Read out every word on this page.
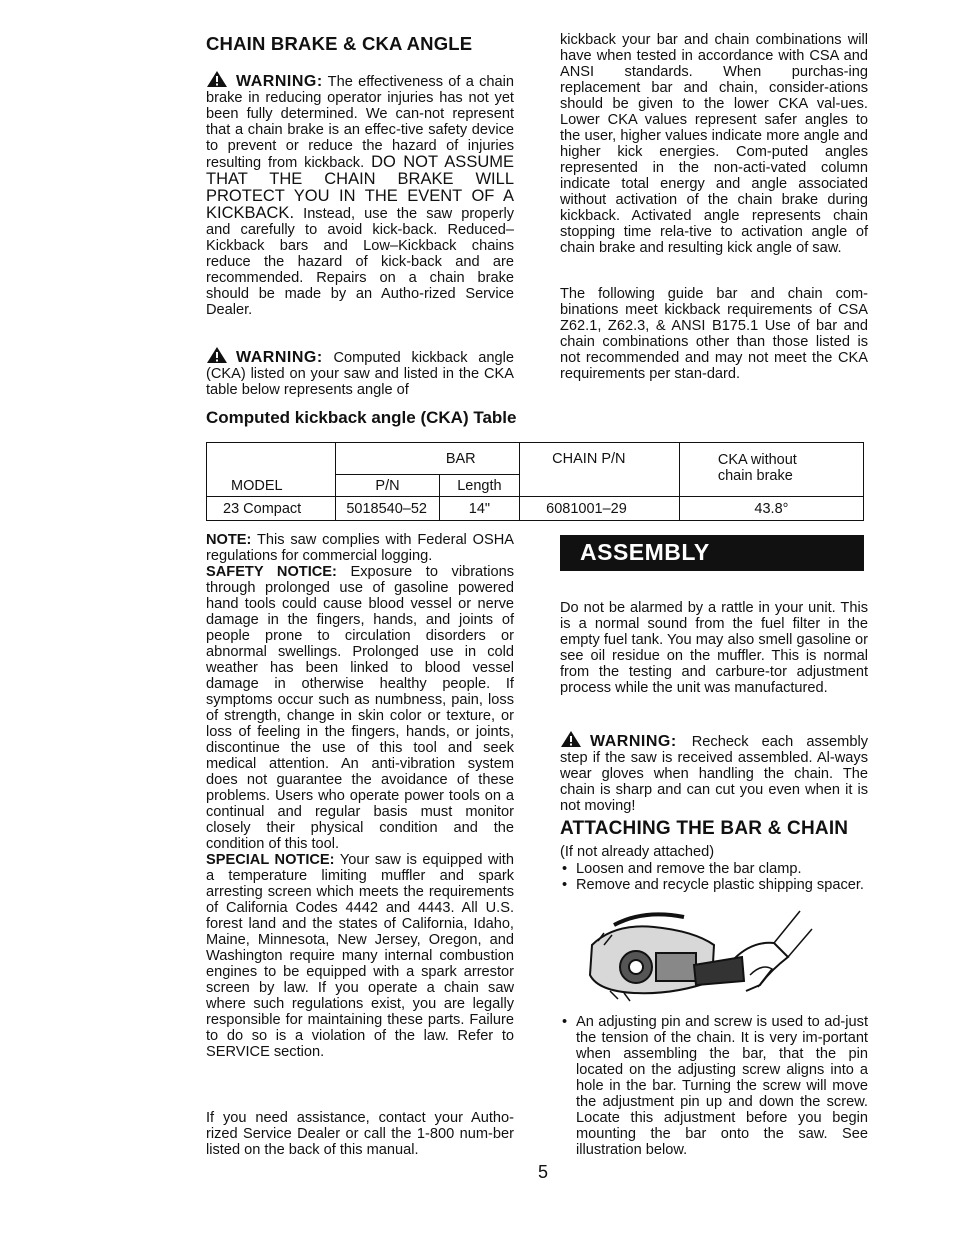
CHAIN BRAKE & CKA ANGLE

WARNING: The effectiveness of a chain brake in reducing operator injuries has not yet been fully determined. We can-not represent that a chain brake is an effec-tive safety device to prevent or reduce the hazard of injuries resulting from kickback. DO NOT ASSUME THAT THE CHAIN BRAKE WILL PROTECT YOU IN THE EVENT OF A KICKBACK. Instead, use the saw properly and carefully to avoid kick-back. Reduced–Kickback bars and Low–Kickback chains reduce the hazard of kick-back and are recommended. Repairs on a chain brake should be made by an Autho-rized Service Dealer.

WARNING: Computed kickback angle (CKA) listed on your saw and listed in the CKA table below represents angle of

NOTE: This saw complies with Federal OSHA regulations for commercial logging.
SAFETY NOTICE: Exposure to vibrations through prolonged use of gasoline powered hand tools could cause blood vessel or nerve damage in the fingers, hands, and joints of people prone to circulation disorders or abnormal swellings. Prolonged use in cold weather has been linked to blood vessel damage in otherwise healthy people. If symptoms occur such as numbness, pain, loss of strength, change in skin color or texture, or loss of feeling in the fingers, hands, or joints, discontinue the use of this tool and seek medical attention. An anti-vibration system does not guarantee the avoidance of these problems. Users who operate power tools on a continual and regular basis must monitor closely their physical condition and the condition of this tool.
SPECIAL NOTICE: Your saw is equipped with a temperature limiting muffler and spark arresting screen which meets the requirements of California Codes 4442 and 4443. All U.S. forest land and the states of California, Idaho, Maine, Minnesota, New Jersey, Oregon, and Washington require many internal combustion engines to be equipped with a spark arrestor screen by law. If you operate a chain saw where such regulations exist, you are legally responsible for maintaining these parts. Failure to do so is a violation of the law. Refer to SERVICE section.

If you need assistance, contact your Autho-rized Service Dealer or call the 1-800 num-ber listed on the back of this manual.

kickback your bar and chain combinations will have when tested in accordance with CSA and ANSI standards. When purchas-ing replacement bar and chain, consider-ations should be given to the lower CKA val-ues. Lower CKA values represent safer angles to the user, higher values indicate more angle and higher kick energies. Com-puted angles represented in the non-acti-vated column indicate total energy and angle associated without activation of the chain brake during kickback. Activated angle represents chain stopping time rela-tive to activation angle of chain brake and resulting kick angle of saw.

The following guide bar and chain com-binations meet kickback requirements of CSA Z62.1, Z62.3, & ANSI B175.1 Use of bar and chain combinations other than those listed is not recommended and may not meet the CKA requirements per stan-dard.

Computed kickback angle (CKA) Table
MODEL	BAR		CHAIN P/N	CKA without chain brake
	P/N	Length		
23 Compact	5018540–52	14"	6081001–29	43.8°
ASSEMBLY

Do not be alarmed by a rattle in your unit. This is a normal sound from the fuel filter in the empty fuel tank. You may also smell gasoline or see oil residue on the muffler. This is normal from the testing and carbure-tor adjustment process while the unit was manufactured.

WARNING: Recheck each assembly step if the saw is received assembled. Al-ways wear gloves when handling the chain. The chain is sharp and can cut you even when it is not moving!

ATTACHING THE BAR & CHAIN
(If not already attached)
• Loosen and remove the bar clamp.
• Remove and recycle plastic shipping spacer.
• An adjusting pin and screw is used to ad-just the tension of the chain. It is very im-portant when assembling the bar, that the pin located on the adjusting screw aligns into a hole in the bar. Turning the screw will move the adjustment pin up and down the screw. Locate this adjustment before you begin mounting the bar onto the saw. See illustration below.
5
